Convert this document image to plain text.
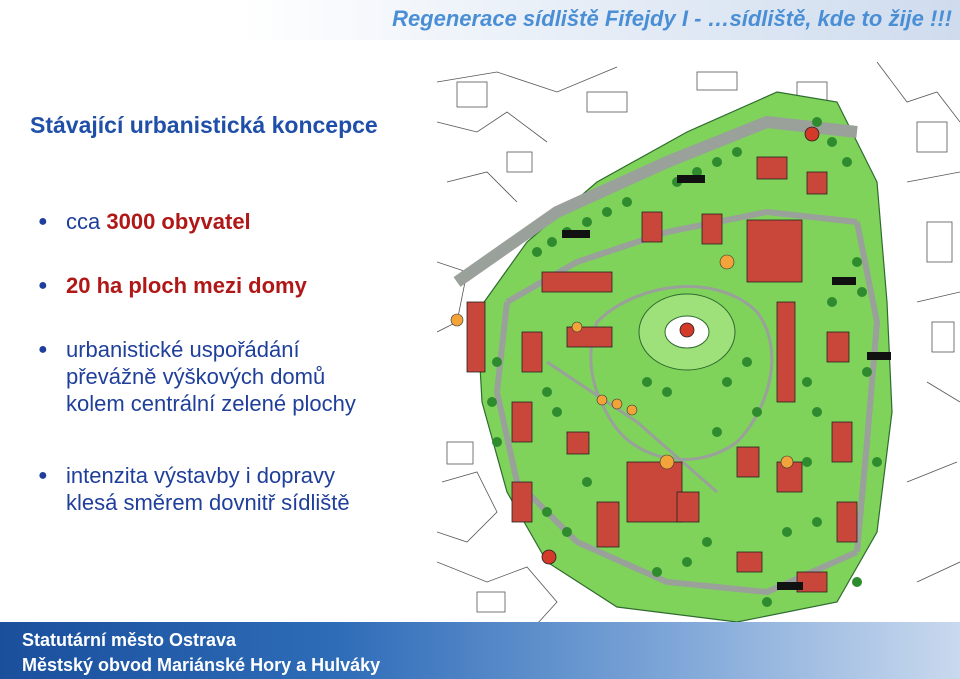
Regenerace sídliště Fifejdy I - …sídliště, kde to žije !!!
Stávající urbanistická koncepce
● cca 3000 obyvatel
● 20 ha ploch mezi domy
● urbanistické uspořádání
převážně výškových domů
kolem centrální zelené plochy
● intenzita výstavby i dopravy
klesá směrem dovnitř sídliště
Statutární město Ostrava
Městský obvod Mariánské Hory a Hulváky
